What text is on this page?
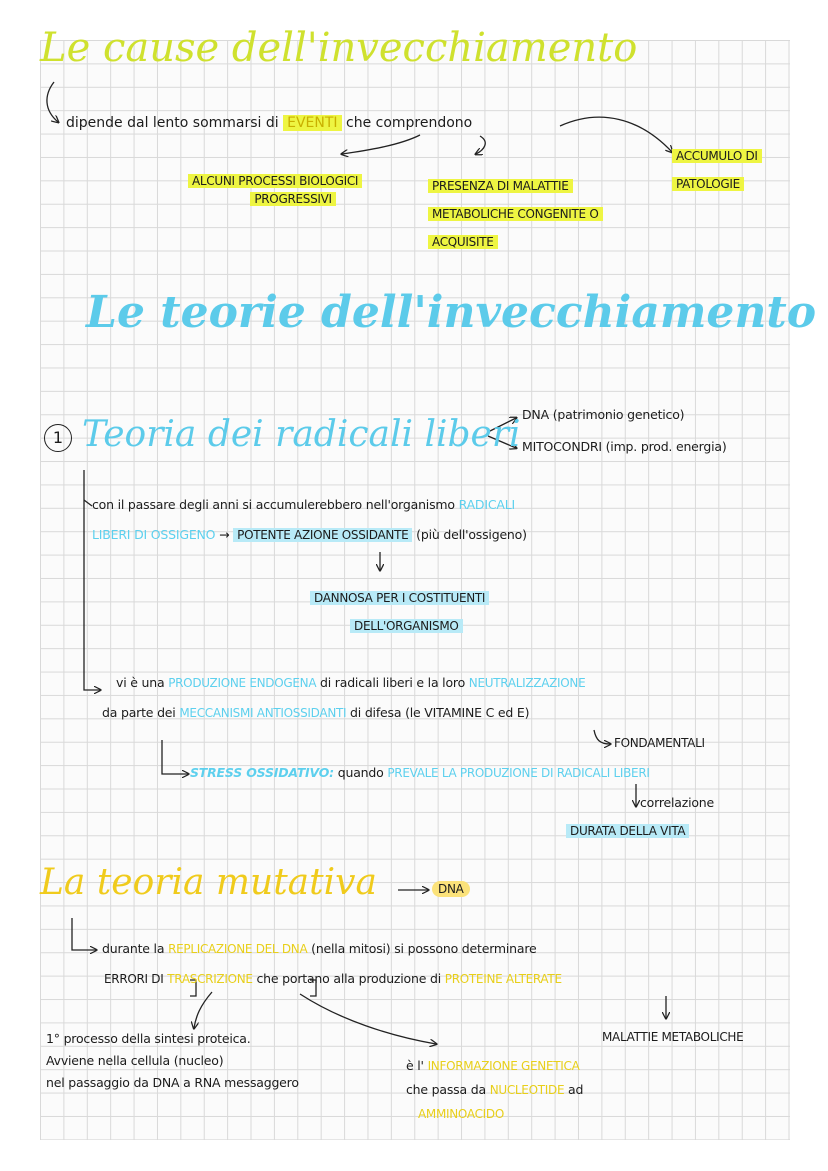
Le cause dell'invecchiamento
dipende dal lento sommarsi di EVENTI che comprendono
ALCUNI PROCESSI BIOLOGICI
PROGRESSIVI
PRESENZA DI MALATTIE
METABOLICHE CONGENITE O
ACQUISITE
ACCUMULO DI
PATOLOGIE
Le teorie dell'invecchiamento
1 Teoria dei radicali liberi DNA (patrimonio genetico)
MITOCONDRI (imp. prod. energia)
con il passare degli anni si accumulerebbero nell'organismo RADICALI
LIBERI DI OSSIGENO → POTENTE AZIONE OSSIDANTE (più dell'ossigeno)
DANNOSA PER I COSTITUENTI
DELL'ORGANISMO
vi è una PRODUZIONE ENDOGENA di radicali liberi e la loro NEUTRALIZZAZIONE
da parte dei MECCANISMI ANTIOSSIDANTI di difesa (le VITAMINE C ed E)
FONDAMENTALI
STRESS OSSIDATIVO: quando PREVALE LA PRODUZIONE DI RADICALI LIBERI
correlazione
DURATA DELLA VITA
La teoria mutativa	DNA
durante la REPLICAZIONE DEL DNA (nella mitosi) si possono determinare
ERRORI DI TRASCRIZIONE che portano alla produzione di PROTEINE ALTERATE
1° processo della sintesi proteica.
Avviene nella cellula (nucleo)
nel passaggio da DNA a RNA messaggero
è l' INFORMAZIONE GENETICA
che passa da NUCLEOTIDE ad
AMMINOACIDO
MALATTIE METABOLICHE
